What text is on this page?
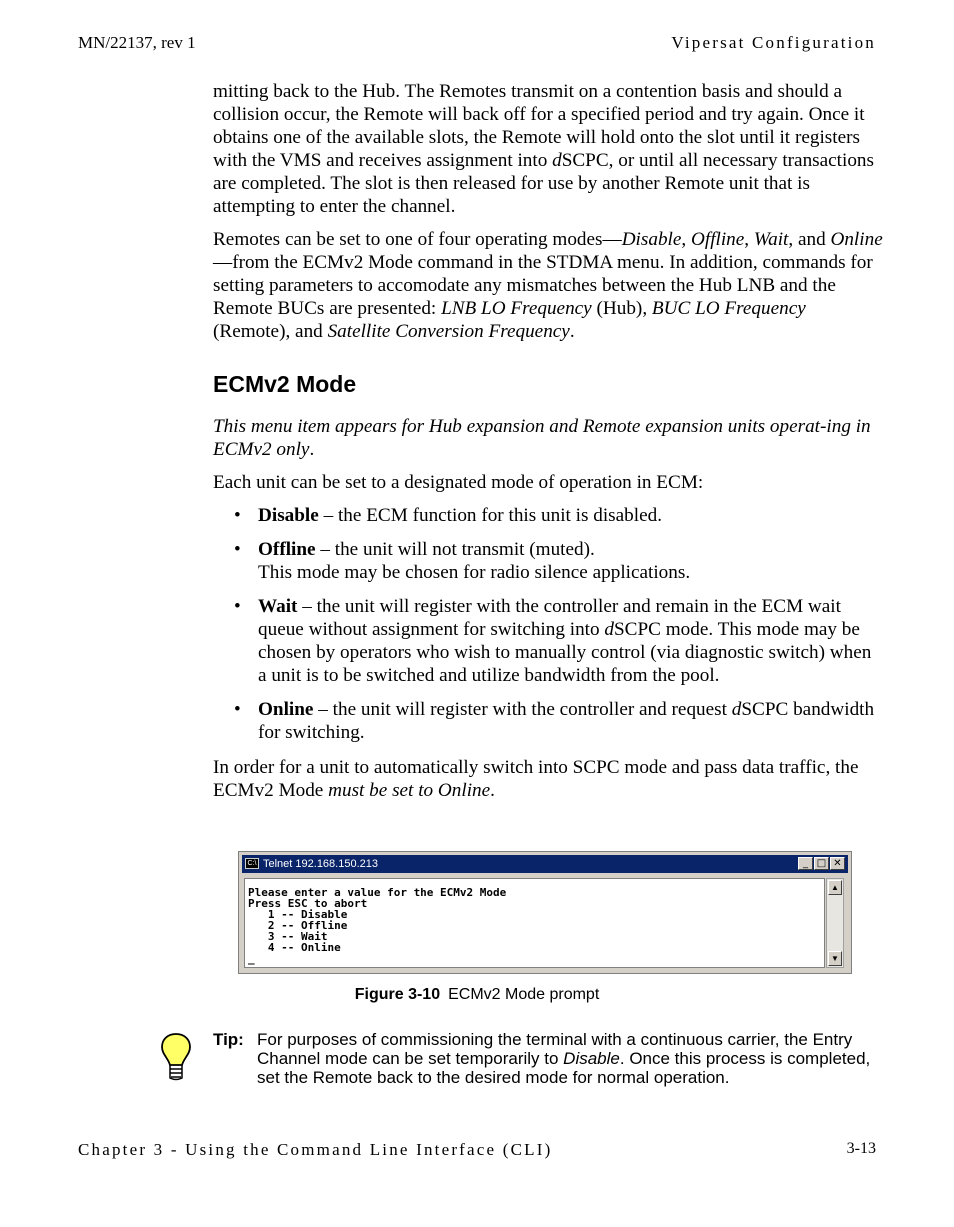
MN/22137, rev 1	Vipersat Configuration

mitting back to the Hub. The Remotes transmit on a contention basis and should a collision occur, the Remote will back off for a specified period and try again. Once it obtains one of the available slots, the Remote will hold onto the slot until it registers with the VMS and receives assignment into dSCPC, or until all necessary transactions are completed. The slot is then released for use by another Remote unit that is attempting to enter the channel.

Remotes can be set to one of four operating modes—Disable, Offline, Wait, and Online—from the ECMv2 Mode command in the STDMA menu. In addition, commands for setting parameters to accomodate any mismatches between the Hub LNB and the Remote BUCs are presented: LNB LO Frequency (Hub), BUC LO Frequency (Remote), and Satellite Conversion Frequency.

ECMv2 Mode

This menu item appears for Hub expansion and Remote expansion units operat-ing in ECMv2 only.

Each unit can be set to a designated mode of operation in ECM:

• Disable – the ECM function for this unit is disabled.
• Offline – the unit will not transmit (muted).
This mode may be chosen for radio silence applications.
• Wait – the unit will register with the controller and remain in the ECM wait queue without assignment for switching into dSCPC mode. This mode may be chosen by operators who wish to manually control (via diagnostic switch) when a unit is to be switched and utilize bandwidth from the pool.
• Online – the unit will register with the controller and request dSCPC bandwidth for switching.

In order for a unit to automatically switch into SCPC mode and pass data traffic, the ECMv2 Mode must be set to Online.

C:\ Telnet 192.168.150.213	_ □ ✕
Please enter a value for the ECMv2 Mode
Press ESC to abort
1 -- Disable
2 -- Offline
3 -- Wait
4 -- Online
_
▲
▼
Figure 3-10 ECMv2 Mode prompt
Tip: For purposes of commissioning the terminal with a continuous carrier, the Entry Channel mode can be set temporarily to Disable. Once this process is completed, set the Remote back to the desired mode for normal operation.
Chapter 3 - Using the Command Line Interface (CLI)	3-13
